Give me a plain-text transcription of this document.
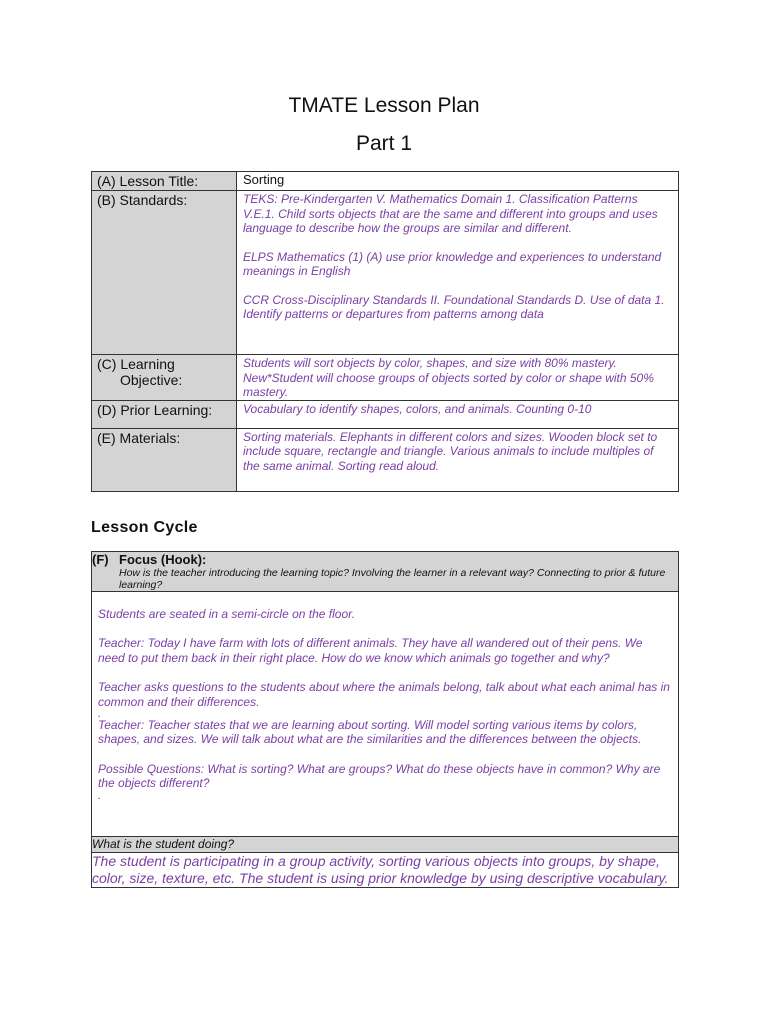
TMATE Lesson Plan
Part 1
(A) Lesson Title:	Sorting
(B) Standards:	TEKS: Pre-Kindergarten V. Mathematics Domain 1. Classification Patterns V.E.1. Child sorts objects that are the same and different into groups and uses language to describe how the groups are similar and different.
ELPS Mathematics (1) (A) use prior knowledge and experiences to understand meanings in English
CCR Cross-Disciplinary Standards II. Foundational Standards D. Use of data 1. Identify patterns or departures from patterns among data

(C) Learning
Objective:	Students will sort objects by color, shapes, and size with 80% mastery. New*Student will choose groups of objects sorted by color or shape with 50% mastery.
(D) Prior Learning:	Vocabulary to identify shapes, colors, and animals. Counting 0-10
(E) Materials:	Sorting materials. Elephants in different colors and sizes. Wooden block set to include square, rectangle and triangle. Various animals to include multiples of the same animal. Sorting read aloud.
Lesson Cycle
(F) Focus (Hook):
How is the teacher introducing the learning topic? Involving the learner in a relevant way? Connecting to prior & future learning?

Students are seated in a semi-circle on the floor.
Teacher: Today I have farm with lots of different animals. They have all wandered out of their pens. We need to put them back in their right place. How do we know which animals go together and why?
Teacher asks questions to the students about where the animals belong, talk about what each animal has in common and their differences.
.
Teacher: Teacher states that we are learning about sorting. Will model sorting various items by colors, shapes, and sizes. We will talk about what are the similarities and the differences between the objects.
Possible Questions: What is sorting? What are groups? What do these objects have in common? Why are the objects different?
.

What is the student doing?
The student is participating in a group activity, sorting various objects into groups, by shape, color, size, texture, etc. The student is using prior knowledge by using descriptive vocabulary.
